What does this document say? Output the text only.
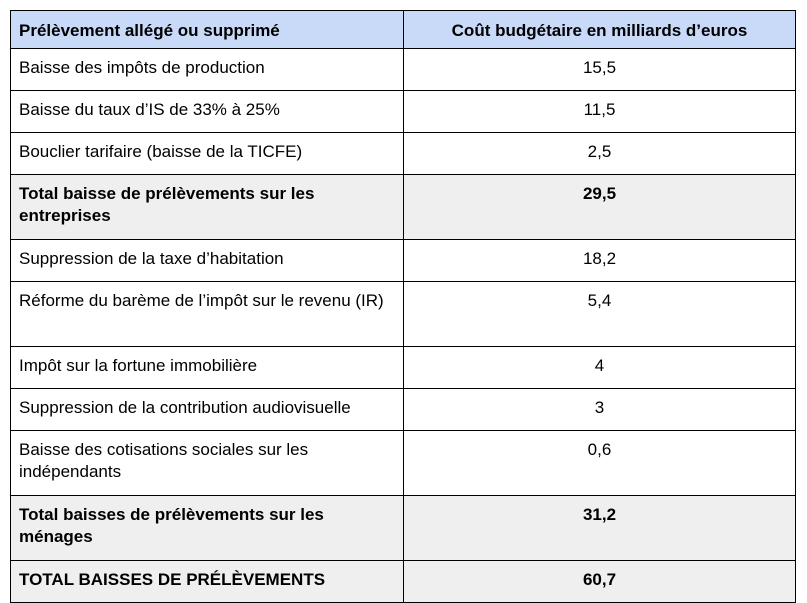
Prélèvement allégé ou supprimé	Coût budgétaire en milliards d’euros
Baisse des impôts de production	15,5
Baisse du taux d’IS de 33% à 25%	11,5
Bouclier tarifaire (baisse de la TICFE)	2,5
Total baisse de prélèvements sur les entreprises	29,5
Suppression de la taxe d’habitation	18,2
Réforme du barème de l’impôt sur le revenu (IR)	5,4
Impôt sur la fortune immobilière	4
Suppression de la contribution audiovisuelle	3
Baisse des cotisations sociales sur les indépendants	0,6
Total baisses de prélèvements sur les ménages	31,2
TOTAL BAISSES DE PRÉLÈVEMENTS	60,7
